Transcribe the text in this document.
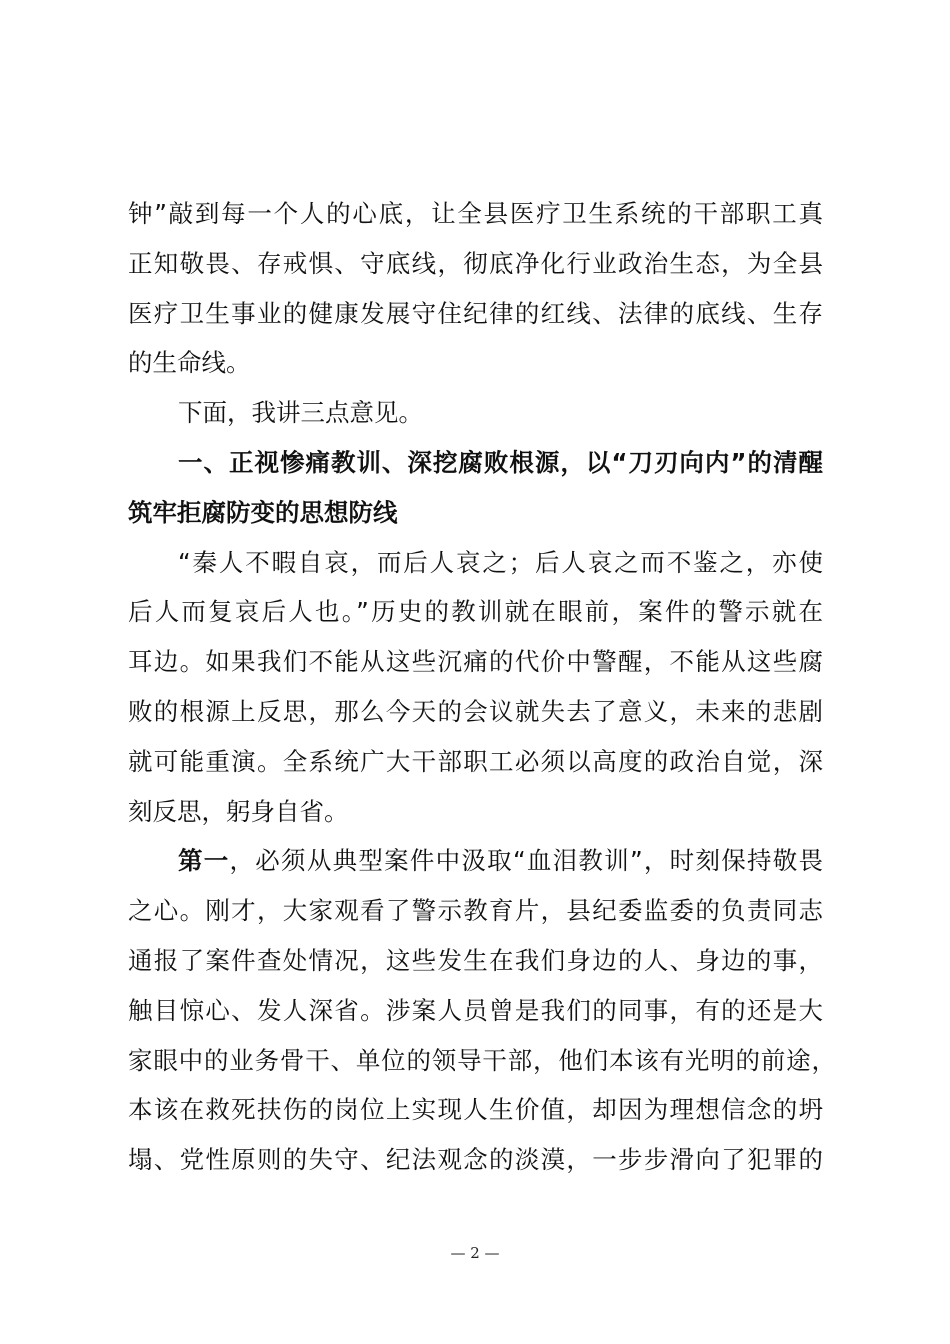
钟”敲到每一个人的心底，让全县医疗卫生系统的干部职工真
正知敬畏、存戒惧、守底线，彻底净化行业政治生态，为全县
医疗卫生事业的健康发展守住纪律的红线、法律的底线、生存
的生命线。
下面，我讲三点意见。
一、正视惨痛教训、深挖腐败根源，以“刀刃向内”的清醒
筑牢拒腐防变的思想防线
“秦人不暇自哀，而后人哀之；后人哀之而不鉴之，亦使
后人而复哀后人也。”历史的教训就在眼前，案件的警示就在
耳边。如果我们不能从这些沉痛的代价中警醒，不能从这些腐
败的根源上反思，那么今天的会议就失去了意义，未来的悲剧
就可能重演。全系统广大干部职工必须以高度的政治自觉，深
刻反思，躬身自省。
第一，必须从典型案件中汲取“血泪教训”，时刻保持敬畏
之心。刚才，大家观看了警示教育片，县纪委监委的负责同志
通报了案件查处情况，这些发生在我们身边的人、身边的事，
触目惊心、发人深省。涉案人员曾是我们的同事，有的还是大
家眼中的业务骨干、单位的领导干部，他们本该有光明的前途，
本该在救死扶伤的岗位上实现人生价值，却因为理想信念的坍
塌、党性原则的失守、纪法观念的淡漠，一步步滑向了犯罪的
— 2 —
